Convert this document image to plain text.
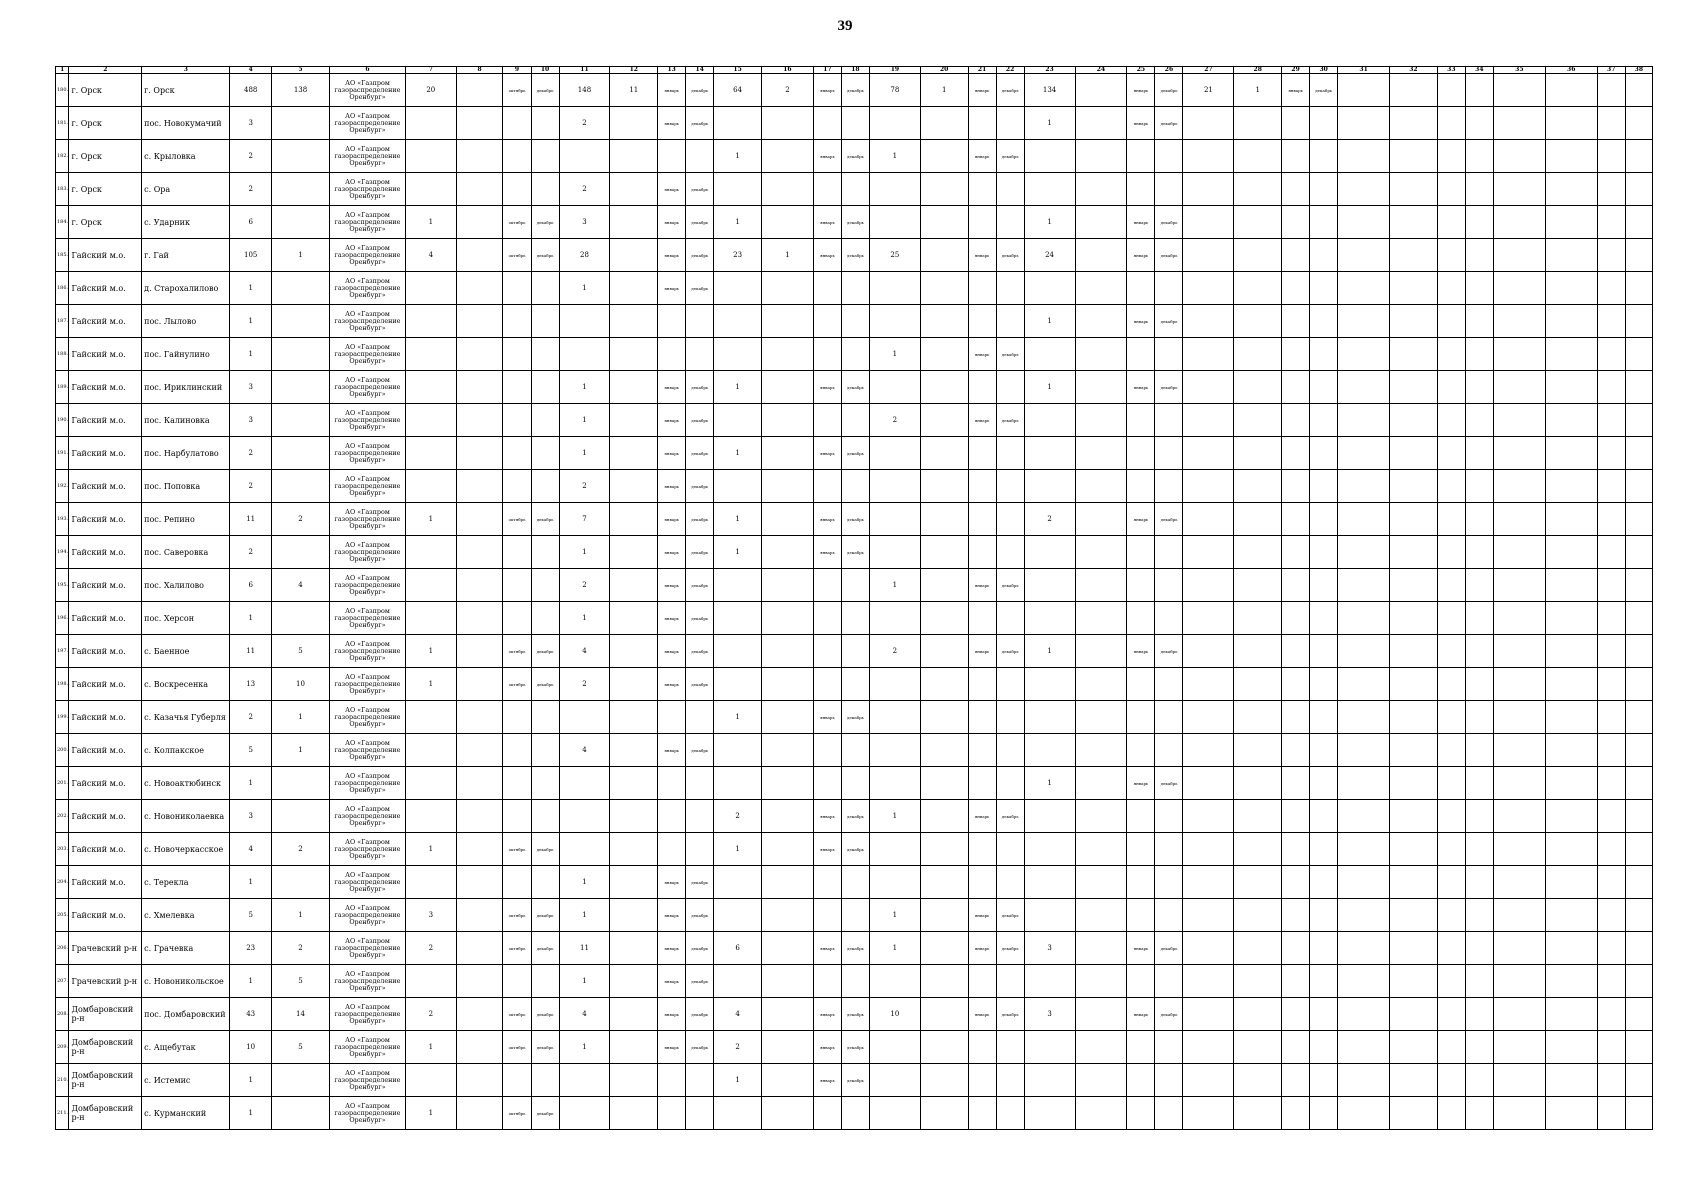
39
1	2	3	4	5	6	7	8	9	10	11	12	13	14	15	16	17	18	19	20	21	22	23	24	25	26	27	28	29	30	31	32	33	34	35	36	37	38
180.	г. Орск	г. Орск	488	138	АО «Газпром
газораспределение
Оренбург»	20		октябрь	декабрь	148	11	январь	декабрь	64	2	январь	декабрь	78	1	январь	декабрь	134		январь	декабрь	21	1	январь	декабрь								
181.	г. Орск	пос. Новокумачий	3		АО «Газпром
газораспределение
Оренбург»					2		январь	декабрь									1		январь	декабрь												
182.	г. Орск	с. Крыловка	2		АО «Газпром
газораспределение
Оренбург»									1		январь	декабрь	1		январь	декабрь																
183.	г. Орск	с. Ора	2		АО «Газпром
газораспределение
Оренбург»					2		январь	декабрь																								
184.	г. Орск	с. Ударник	6		АО «Газпром
газораспределение
Оренбург»	1		октябрь	декабрь	3		январь	декабрь	1		январь	декабрь					1		январь	декабрь												
185.	Гайский м.о.	г. Гай	105	1	АО «Газпром
газораспределение
Оренбург»	4		октябрь	декабрь	28		январь	декабрь	23	1	январь	декабрь	25		январь	декабрь	24		январь	декабрь												
186.	Гайский м.о.	д. Старохалилово	1		АО «Газпром
газораспределение
Оренбург»					1		январь	декабрь																								
187.	Гайский м.о.	пос. Лылово	1		АО «Газпром
газораспределение
Оренбург»																	1		январь	декабрь												
188.	Гайский м.о.	пос. Гайнулино	1		АО «Газпром
газораспределение
Оренбург»													1		январь	декабрь																
189.	Гайский м.о.	пос. Ириклинский	3		АО «Газпром
газораспределение
Оренбург»					1		январь	декабрь	1		январь	декабрь					1		январь	декабрь												
190.	Гайский м.о.	пос. Калиновка	3		АО «Газпром
газораспределение
Оренбург»					1		январь	декабрь					2		январь	декабрь																
191.	Гайский м.о.	пос. Нарбулатово	2		АО «Газпром
газораспределение
Оренбург»					1		январь	декабрь	1		январь	декабрь																				
192.	Гайский м.о.	пос. Поповка	2		АО «Газпром
газораспределение
Оренбург»					2		январь	декабрь																								
193.	Гайский м.о.	пос. Репино	11	2	АО «Газпром
газораспределение
Оренбург»	1		октябрь	декабрь	7		январь	декабрь	1		январь	декабрь					2		январь	декабрь												
194.	Гайский м.о.	пос. Саверовка	2		АО «Газпром
газораспределение
Оренбург»					1		январь	декабрь	1		январь	декабрь																				
195.	Гайский м.о.	пос. Халилово	6	4	АО «Газпром
газораспределение
Оренбург»					2		январь	декабрь					1		январь	декабрь																
196.	Гайский м.о.	пос. Херсон	1		АО «Газпром
газораспределение
Оренбург»					1		январь	декабрь																								
197.	Гайский м.о.	с. Баенное	11	5	АО «Газпром
газораспределение
Оренбург»	1		октябрь	декабрь	4		январь	декабрь					2		январь	декабрь	1		январь	декабрь												
198.	Гайский м.о.	с. Воскресенка	13	10	АО «Газпром
газораспределение
Оренбург»	1		октябрь	декабрь	2		январь	декабрь																								
199.	Гайский м.о.	с. Казачья Губерля	2	1	АО «Газпром
газораспределение
Оренбург»									1		январь	декабрь																				
200.	Гайский м.о.	с. Колпакское	5	1	АО «Газпром
газораспределение
Оренбург»					4		январь	декабрь																								
201.	Гайский м.о.	с. Новоактюбинск	1		АО «Газпром
газораспределение
Оренбург»																	1		январь	декабрь												
202.	Гайский м.о.	с. Новониколаевка	3		АО «Газпром
газораспределение
Оренбург»									2		январь	декабрь	1		январь	декабрь																
203.	Гайский м.о.	с. Новочеркасское	4	2	АО «Газпром
газораспределение
Оренбург»	1		октябрь	декабрь					1		январь	декабрь																				
204.	Гайский м.о.	с. Терекла	1		АО «Газпром
газораспределение
Оренбург»					1		январь	декабрь																								
205.	Гайский м.о.	с. Хмелевка	5	1	АО «Газпром
газораспределение
Оренбург»	3		октябрь	декабрь	1		январь	декабрь					1		январь	декабрь																
206.	Грачевский р-н	с. Грачевка	23	2	АО «Газпром
газораспределение
Оренбург»	2		октябрь	декабрь	11		январь	декабрь	6		январь	декабрь	1		январь	декабрь	3		январь	декабрь												
207.	Грачевский р-н	с. Новоникольское	1	5	АО «Газпром
газораспределение
Оренбург»					1		январь	декабрь																								
208.	Домбаровский р-н	пос. Домбаровский	43	14	АО «Газпром
газораспределение
Оренбург»	2		октябрь	декабрь	4		январь	декабрь	4		январь	декабрь	10		январь	декабрь	3		январь	декабрь												
209.	Домбаровский р-н	с. Ащебутак	10	5	АО «Газпром
газораспределение
Оренбург»	1		октябрь	декабрь	1		январь	декабрь	2		январь	декабрь																				
210.	Домбаровский р-н	с. Истемис	1		АО «Газпром
газораспределение
Оренбург»									1		январь	декабрь																				
211.	Домбаровский р-н	с. Курманский	1		АО «Газпром
газораспределение
Оренбург»	1		октябрь	декабрь																												
